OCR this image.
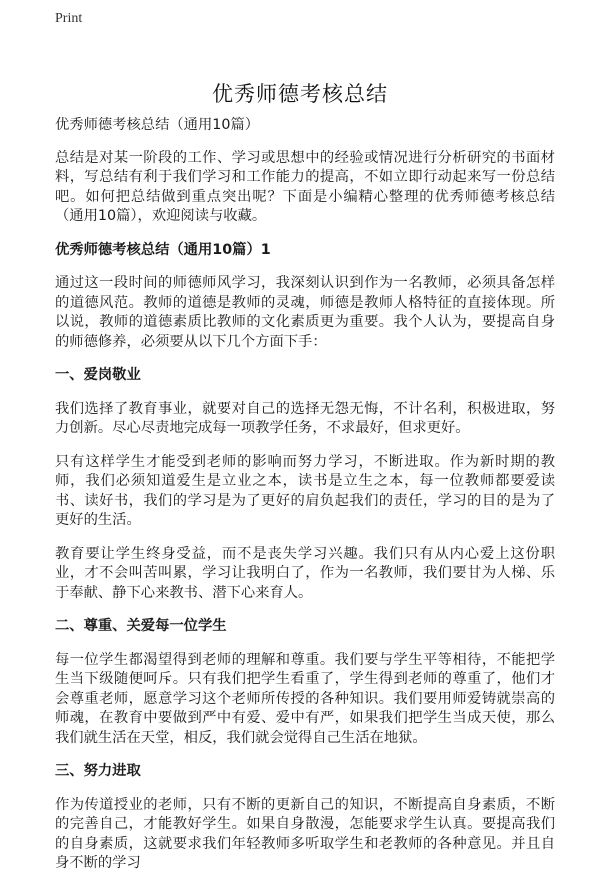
Print
优秀师德考核总结
优秀师德考核总结（通用10篇）

总结是对某一阶段的工作、学习或思想中的经验或情况进行分析研究的书面材料，写总结有利于我们学习和工作能力的提高，不如立即行动起来写一份总结吧。如何把总结做到重点突出呢？下面是小编精心整理的优秀师德考核总结（通用10篇），欢迎阅读与收藏。

优秀师德考核总结（通用10篇）1

通过这一段时间的师德师风学习，我深刻认识到作为一名教师，必须具备怎样的道德风范。教师的道德是教师的灵魂，师德是教师人格特征的直接体现。所以说，教师的道德素质比教师的文化素质更为重要。我个人认为，要提高自身的师德修养，必须要从以下几个方面下手：

一、爱岗敬业

我们选择了教育事业，就要对自己的选择无怨无悔，不计名利，积极进取，努力创新。尽心尽责地完成每一项教学任务，不求最好，但求更好。

只有这样学生才能受到老师的影响而努力学习，不断进取。作为新时期的教师，我们必须知道爱生是立业之本，读书是立生之本，每一位教师都要爱读书、读好书，我们的学习是为了更好的肩负起我们的责任，学习的目的是为了更好的生活。

教育要让学生终身受益，而不是丧失学习兴趣。我们只有从内心爱上这份职业，才不会叫苦叫累，学习让我明白了，作为一名教师，我们要甘为人梯、乐于奉献、静下心来教书、潜下心来育人。

二、尊重、关爱每一位学生

每一位学生都渴望得到老师的理解和尊重。我们要与学生平等相待，不能把学生当下级随便呵斥。只有我们把学生看重了，学生得到老师的尊重了，他们才会尊重老师，愿意学习这个老师所传授的各种知识。我们要用师爱铸就崇高的师魂，在教育中要做到严中有爱、爱中有严，如果我们把学生当成天使，那么我们就生活在天堂，相反，我们就会觉得自己生活在地狱。

三、努力进取

作为传道授业的老师，只有不断的更新自己的知识，不断提高自身素质，不断的完善自己，才能教好学生。如果自身散漫，怎能要求学生认真。要提高我们的自身素质，这就要求我们年轻教师多听取学生和老教师的各种意见。并且自身不断的学习
